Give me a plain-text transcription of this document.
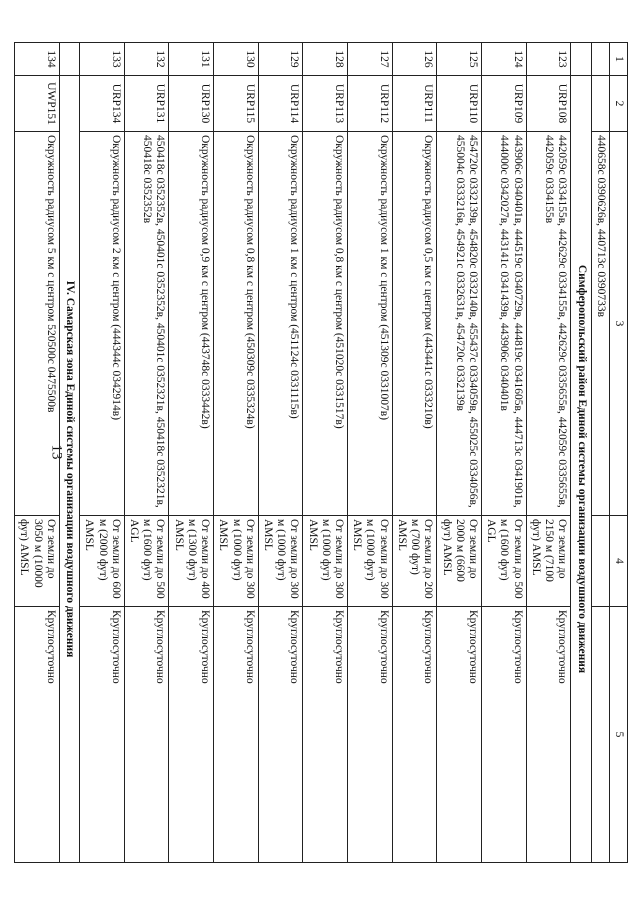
13
1	2	3	4	5
		440658с 0390626в, 440713с 0390733в		
	Симферопольский район Единой системы организации воздушного движения			
123	URP108	442059с 0334155в, 442629с 0334155в, 442629с 0335655в, 442059с 0335655в, 442059с 0334155в	От земли до 2150 м (7100 фут) AMSL	Круглосуточно
124	URP109	443906с 0340401в, 444519с 0340729в, 444819с 0341605в, 444713с 0341901в, 444000с 0342027в, 443141с 0341439в, 443906с 0340401в	От земли до 500 м (1600 фут) AGL	Круглосуточно
125	URP110	454720с 0332139в, 454820с 0332140в, 455437с 0334059в, 455025с 0334056в, 455004с 0333216в, 454921с 0332631в, 454720с 0332139в	От земли до 2000 м (6600 фут) AMSL	Круглосуточно
126	URP111	Окружность радиусом 0,5 км с центром (443441с 0333210в)	От земли до 200 м (700 фут) AMSL	Круглосуточно
127	URP112	Окружность радиусом 1 км с центром (451309с 0331007в)	От земли до 300 м (1000 фут) AMSL	Круглосуточно
128	URP113	Окружность радиусом 0,8 км с центром (451020с 0331517в)	От земли до 300 м (1000 фут) AMSL	Круглосуточно
129	URP114	Окружность радиусом 1 км с центром (451124с 0331115в)	От земли до 300 м (1000 фут) AMSL	Круглосуточно
130	URP115	Окружность радиусом 0,8 км с центром (450309с 0335324в)	От земли до 300 м (1000 фут) AMSL	Круглосуточно
131	URP130	Окружность радиусом 0,9 км с центром (443748с 0333442в)	От земли до 400 м (1300 фут) AMSL	Круглосуточно
132	URP131	450418с 0352352в, 450401с 0352352в, 450401с 0352321в, 450418с 0352321в, 450418с 0352352в	От земли до 500 м (1600 фут) AGL	Круглосуточно
133	URP134	Окружность радиусом 2 км с центром (444344с 0342914в)	От земли до 600 м (2000 фут) AMSL	Круглосуточно
	IV. Самарская зона Единой системы организации воздушного движения			
134	UWP151	Окружность радиусом 5 км с центром 520500с 0475500в	От земли до 3050 м (10000 фут) AMSL	Круглосуточно
